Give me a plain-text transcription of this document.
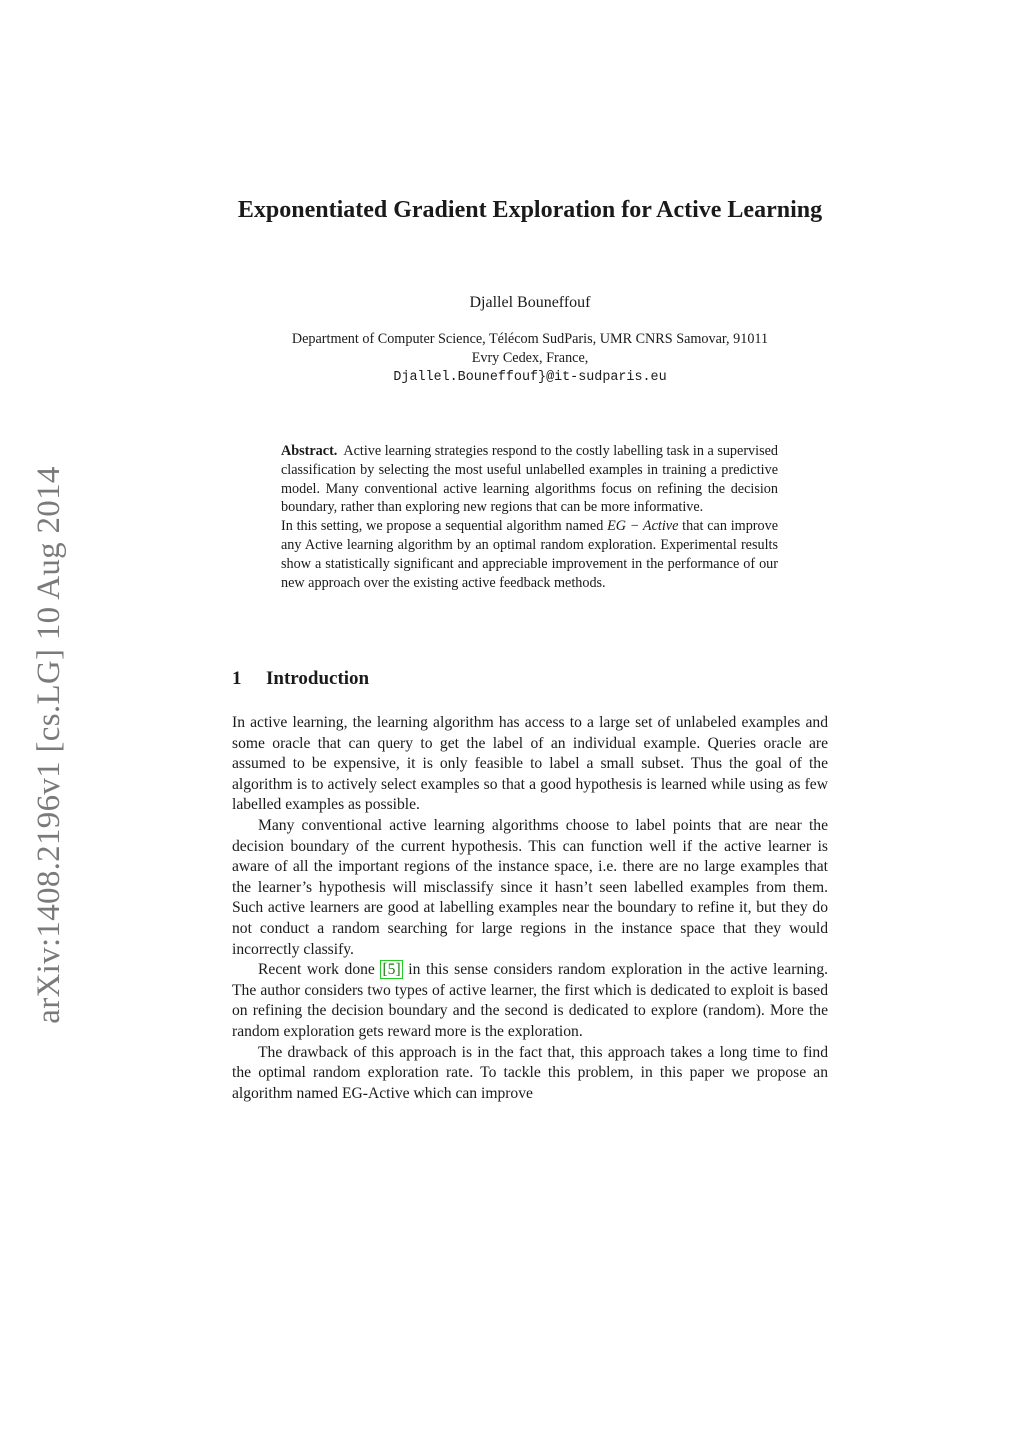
arXiv:1408.2196v1 [cs.LG] 10 Aug 2014
Exponentiated Gradient Exploration for Active Learning
Djallel Bouneffouf
Department of Computer Science, Télécom SudParis, UMR CNRS Samovar, 91011
Evry Cedex, France,
Djallel.Bouneffouf}@it-sudparis.eu

Abstract. Active learning strategies respond to the costly labelling task in a supervised classification by selecting the most useful unlabelled examples in training a predictive model. Many conventional active learning algorithms focus on refining the decision boundary, rather than exploring new regions that can be more informative.

In this setting, we propose a sequential algorithm named EG − Active that can improve any Active learning algorithm by an optimal random exploration. Experimental results show a statistically significant and appreciable improvement in the performance of our new approach over the existing active feedback methods.

1 Introduction

In active learning, the learning algorithm has access to a large set of unlabeled examples and some oracle that can query to get the label of an individual example. Queries oracle are assumed to be expensive, it is only feasible to label a small subset. Thus the goal of the algorithm is to actively select examples so that a good hypothesis is learned while using as few labelled examples as possible.

Many conventional active learning algorithms choose to label points that are near the decision boundary of the current hypothesis. This can function well if the active learner is aware of all the important regions of the instance space, i.e. there are no large examples that the learner’s hypothesis will misclassify since it hasn’t seen labelled examples from them. Such active learners are good at labelling examples near the boundary to refine it, but they do not conduct a random searching for large regions in the instance space that they would incorrectly classify.

Recent work done [5] in this sense considers random exploration in the active learning. The author considers two types of active learner, the first which is dedicated to exploit is based on refining the decision boundary and the second is dedicated to explore (random). More the random exploration gets reward more is the exploration.

The drawback of this approach is in the fact that, this approach takes a long time to find the optimal random exploration rate. To tackle this problem, in this paper we propose an algorithm named EG-Active which can improve
